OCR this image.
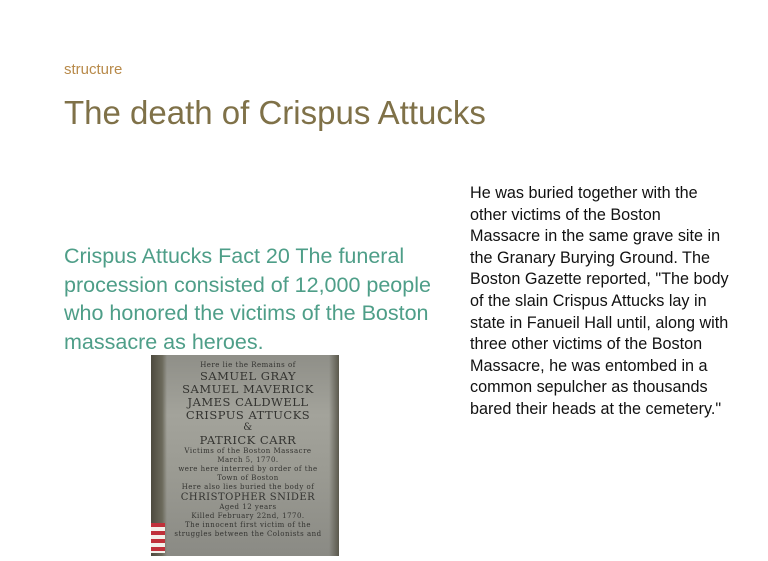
structure
The death of Crispus Attucks

Crispus Attucks Fact 20 The funeral procession consisted of 12,000 people who honored the victims of the Boston massacre as heroes.

He was buried together with the other victims of the Boston Massacre in the same grave site in the Granary Burying Ground. The Boston Gazette reported, "The body of the slain Crispus Attucks lay in state in Fanueil Hall until, along with three other victims of the Boston Massacre, he was entombed in a common sepulcher as thousands bared their heads at the cemetery."

Here lie the Remains of
SAMUEL GRAY
SAMUEL MAVERICK
JAMES CALDWELL
CRISPUS ATTUCKS
&
PATRICK CARR
Victims of the Boston Massacre
March 5, 1770.
were here interred by order of the
Town of Boston
Here also lies buried the body of
CHRISTOPHER SNIDER
Aged 12 years
Killed February 22nd, 1770.
The innocent first victim of the
struggles between the Colonists and
